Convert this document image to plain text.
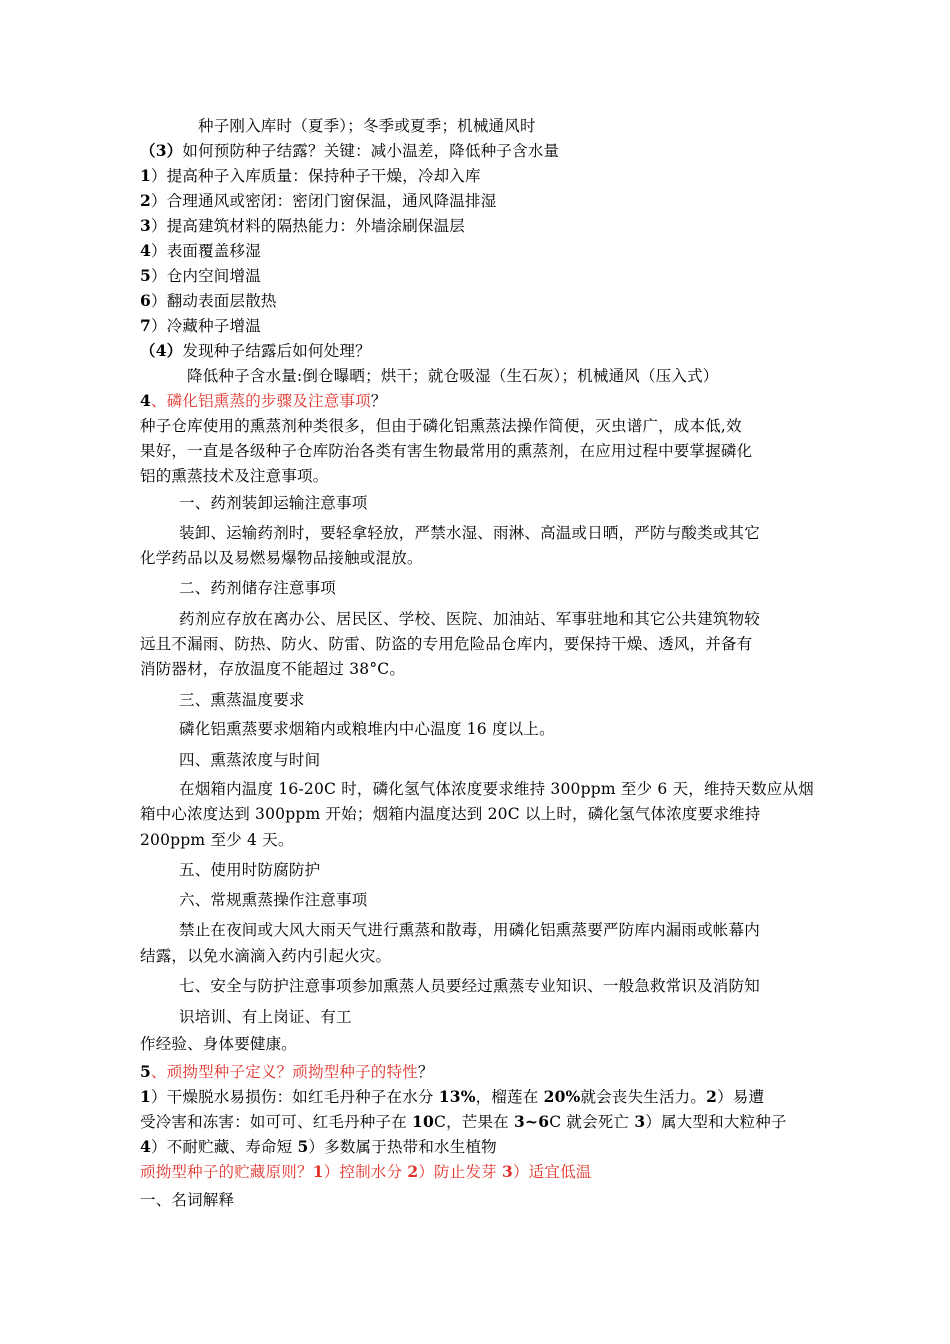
种子刚入库时（夏季）；冬季或夏季；机械通风时
（3）如何预防种子结露？关键：减小温差，降低种子含水量
1）提高种子入库质量：保持种子干燥，冷却入库
2）合理通风或密闭：密闭门窗保温，通风降温排湿
3）提高建筑材料的隔热能力：外墙涂刷保温层
4）表面覆盖移湿
5）仓内空间增温
6）翻动表面层散热
7）冷藏种子增温
（4）发现种子结露后如何处理？
降低种子含水量:倒仓曝晒；烘干；就仓吸湿（生石灰）；机械通风（压入式）
4、磷化铝熏蒸的步骤及注意事项？
种子仓库使用的熏蒸剂种类很多，但由于磷化铝熏蒸法操作简便，灭虫谱广，成本低,效
果好，一直是各级种子仓库防治各类有害生物最常用的熏蒸剂，在应用过程中要掌握磷化
铝的熏蒸技术及注意事项。
一、药剂装卸运输注意事项
装卸、运输药剂时，要轻拿轻放，严禁水湿、雨淋、高温或日晒，严防与酸类或其它
化学药品以及易燃易爆物品接触或混放。
二、药剂储存注意事项
药剂应存放在离办公、居民区、学校、医院、加油站、军事驻地和其它公共建筑物较
远且不漏雨、防热、防火、防雷、防盗的专用危险品仓库内，要保持干燥、透风，并备有
消防器材，存放温度不能超过 38°C。
三、熏蒸温度要求
磷化铝熏蒸要求烟箱内或粮堆内中心温度 16 度以上。
四、熏蒸浓度与时间
在烟箱内温度 16-20C 时，磷化氢气体浓度要求维持 300ppm 至少 6 天，维持天数应从烟
箱中心浓度达到 300ppm 开始；烟箱内温度达到 20C 以上时，磷化氢气体浓度要求维持
200ppm 至少 4 天。
五、使用时防腐防护
六、常规熏蒸操作注意事项
禁止在夜间或大风大雨天气进行熏蒸和散毒，用磷化铝熏蒸要严防库内漏雨或帐幕内
结露，以免水滴滴入药内引起火灾。
七、安全与防护注意事项参加熏蒸人员要经过熏蒸专业知识、一般急救常识及消防知
识培训、有上岗证、有工
作经验、身体要健康。
5、顽拗型种子定义？顽拗型种子的特性？
1）干燥脱水易损伤：如红毛丹种子在水分 13%，榴莲在 20%就会丧失生活力。2）易遭
受冷害和冻害：如可可、红毛丹种子在 10C，芒果在 3~6C 就会死亡 3）属大型和大粒种子
4）不耐贮藏、寿命短 5）多数属于热带和水生植物
顽拗型种子的贮藏原则？1）控制水分 2）防止发芽 3）适宜低温
一、名词解释
